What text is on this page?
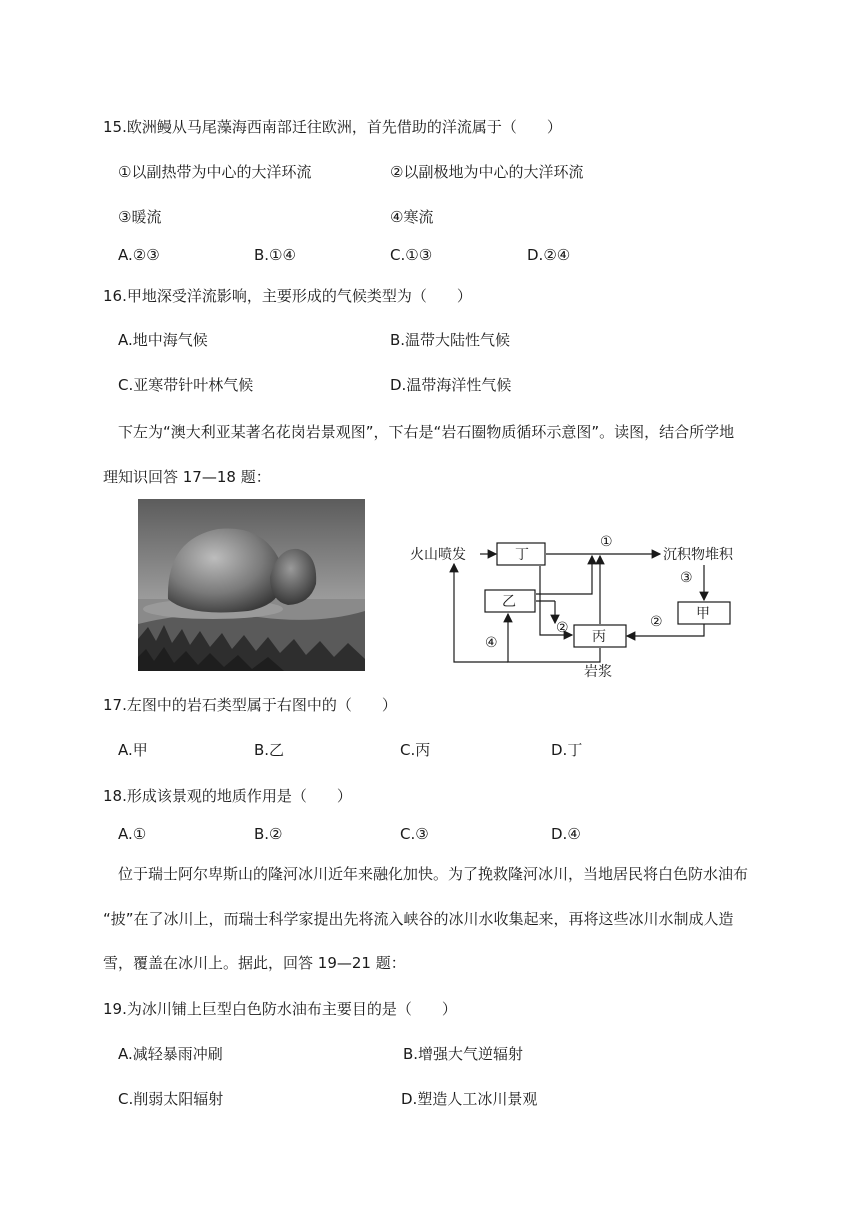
15.欧洲鳗从马尾藻海西南部迁往欧洲，首先借助的洋流属于（　　）
①以副热带为中心的大洋环流	②以副极地为中心的大洋环流
③暖流	④寒流
A.②③	B.①④	C.①③	D.②④
16.甲地深受洋流影响，主要形成的气候类型为（　　）
A.地中海气候	B.温带大陆性气候
C.亚寒带针叶林气候	D.温带海洋性气候
下左为“澳大利亚某著名花岗岩景观图”，下右是“岩石圈物质循环示意图”。读图，结合所学地
理知识回答 17—18 题：
火山喷发	丁
乙
丙
甲
沉积物堆积
岩浆
①
②
②
③
④
17.左图中的岩石类型属于右图中的（　　）
A.甲	B.乙	C.丙	D.丁
18.形成该景观的地质作用是（　　）
A.①	B.②	C.③	D.④
位于瑞士阿尔卑斯山的隆河冰川近年来融化加快。为了挽救隆河冰川，当地居民将白色防水油布
“披”在了冰川上，而瑞士科学家提出先将流入峡谷的冰川水收集起来，再将这些冰川水制成人造
雪，覆盖在冰川上。据此，回答 19—21 题：
19.为冰川铺上巨型白色防水油布主要目的是（　　）
A.减轻暴雨冲刷	B.增强大气逆辐射
C.削弱太阳辐射	D.塑造人工冰川景观
